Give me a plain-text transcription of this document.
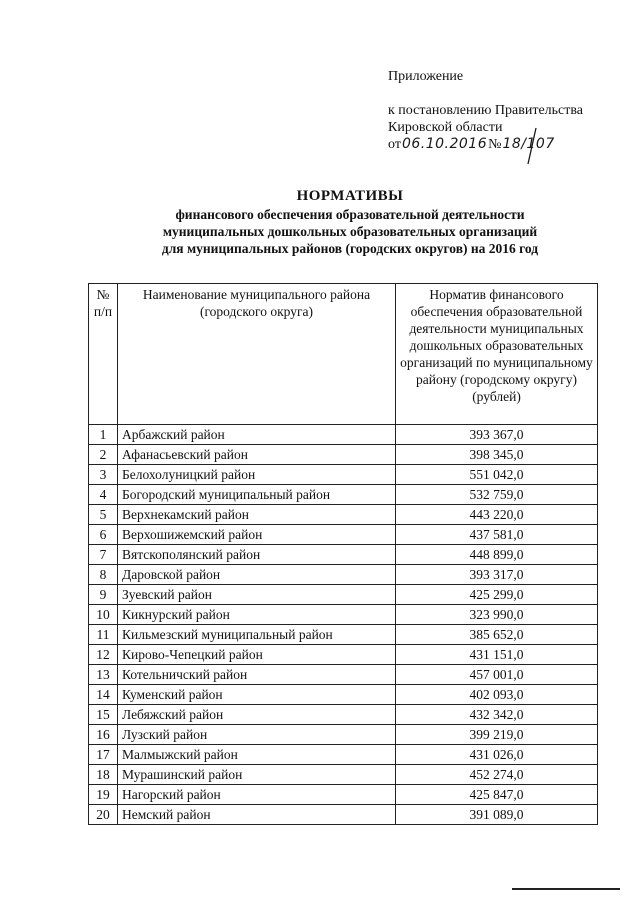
Приложение
к постановлению Правительства
Кировской области
от 06.10.2016 № 18/107
НОРМАТИВЫ
финансового обеспечения образовательной деятельности
муниципальных дошкольных образовательных организаций
для муниципальных районов (городских округов) на 2016 год
№ п/п	Наименование муниципального района (городского округа)	Норматив финансового обеспечения образовательной деятельности муниципальных дошкольных образовательных организаций по муниципальному району (городскому округу) (рублей)
1	Арбажский район	393 367,0
2	Афанасьевский район	398 345,0
3	Белохолуницкий район	551 042,0
4	Богородский муниципальный район	532 759,0
5	Верхнекамский район	443 220,0
6	Верхошижемский район	437 581,0
7	Вятскополянский район	448 899,0
8	Даровской район	393 317,0
9	Зуевский район	425 299,0
10	Кикнурский район	323 990,0
11	Кильмезский муниципальный район	385 652,0
12	Кирово-Чепецкий район	431 151,0
13	Котельничский район	457 001,0
14	Куменский район	402 093,0
15	Лебяжский район	432 342,0
16	Лузский район	399 219,0
17	Малмыжский район	431 026,0
18	Мурашинский район	452 274,0
19	Нагорский район	425 847,0
20	Немский район	391 089,0
